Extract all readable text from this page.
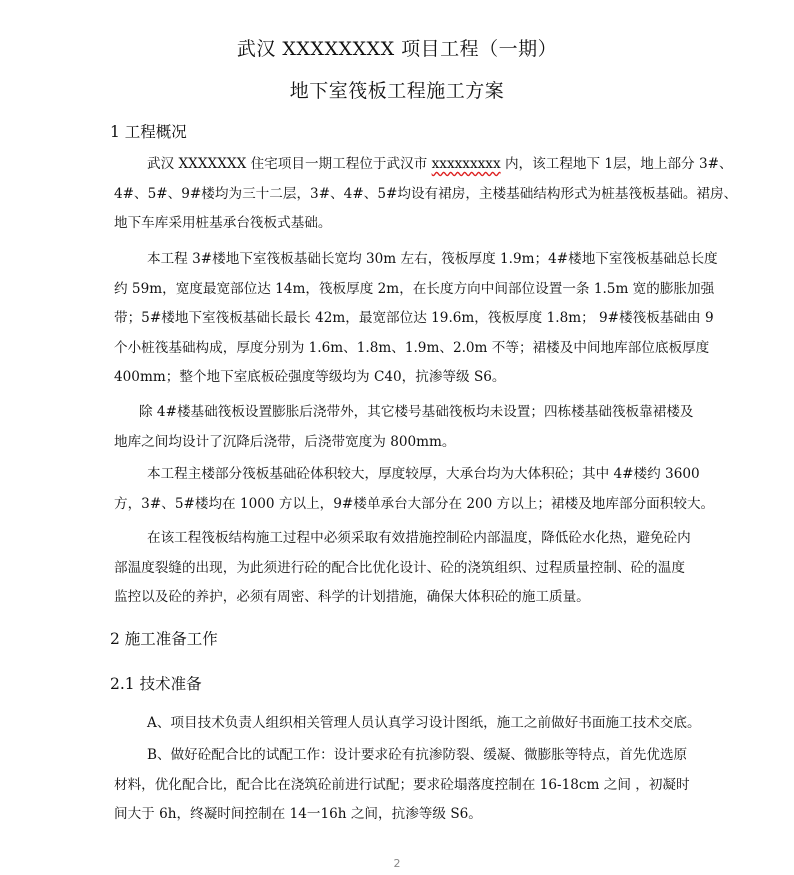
武汉 XXXXXXXX 项目工程（一期）
地下室筏板工程施工方案
1 工程概况
武汉 XXXXXXX 住宅项目一期工程位于武汉市 xxxxxxxxx 内，该工程地下 1层，地上部分 3#、
4#、5#、9#楼均为三十二层，3#、4#、5#均设有裙房，主楼基础结构形式为桩基筏板基础。裙房、
地下车库采用桩基承台筏板式基础。
本工程 3#楼地下室筏板基础长宽均 30m 左右，筏板厚度 1.9m；4#楼地下室筏板基础总长度
约 59m，宽度最宽部位达 14m，筏板厚度 2m，在长度方向中间部位设置一条 1.5m 宽的膨胀加强
带；5#楼地下室筏板基础长最长 42m，最宽部位达 19.6m，筏板厚度 1.8m； 9#楼筏板基础由 9
个小桩筏基础构成，厚度分别为 1.6m、1.8m、1.9m、2.0m 不等；裙楼及中间地库部位底板厚度
400mm；整个地下室底板砼强度等级均为 C40，抗渗等级 S6。
除 4#楼基础筏板设置膨胀后浇带外，其它楼号基础筏板均未设置；四栋楼基础筏板靠裙楼及
地库之间均设计了沉降后浇带，后浇带宽度为 800mm。
本工程主楼部分筏板基础砼体积较大，厚度较厚，大承台均为大体积砼；其中 4#楼约 3600
方，3#、5#楼均在 1000 方以上，9#楼单承台大部分在 200 方以上；裙楼及地库部分面积较大。
在该工程筏板结构施工过程中必须采取有效措施控制砼内部温度，降低砼水化热，避免砼内
部温度裂缝的出现，为此须进行砼的配合比优化设计、砼的浇筑组织、过程质量控制、砼的温度
监控以及砼的养护，必须有周密、科学的计划措施，确保大体积砼的施工质量。
2 施工准备工作
2.1 技术准备
A、项目技术负责人组织相关管理人员认真学习设计图纸，施工之前做好书面施工技术交底。
B、做好砼配合比的试配工作：设计要求砼有抗渗防裂、缓凝、微膨胀等特点，首先优选原
材料，优化配合比，配合比在浇筑砼前进行试配；要求砼塌落度控制在 16-18cm 之间 ，初凝时
间大于 6h，终凝时间控制在 14一16h 之间，抗渗等级 S6。
2
